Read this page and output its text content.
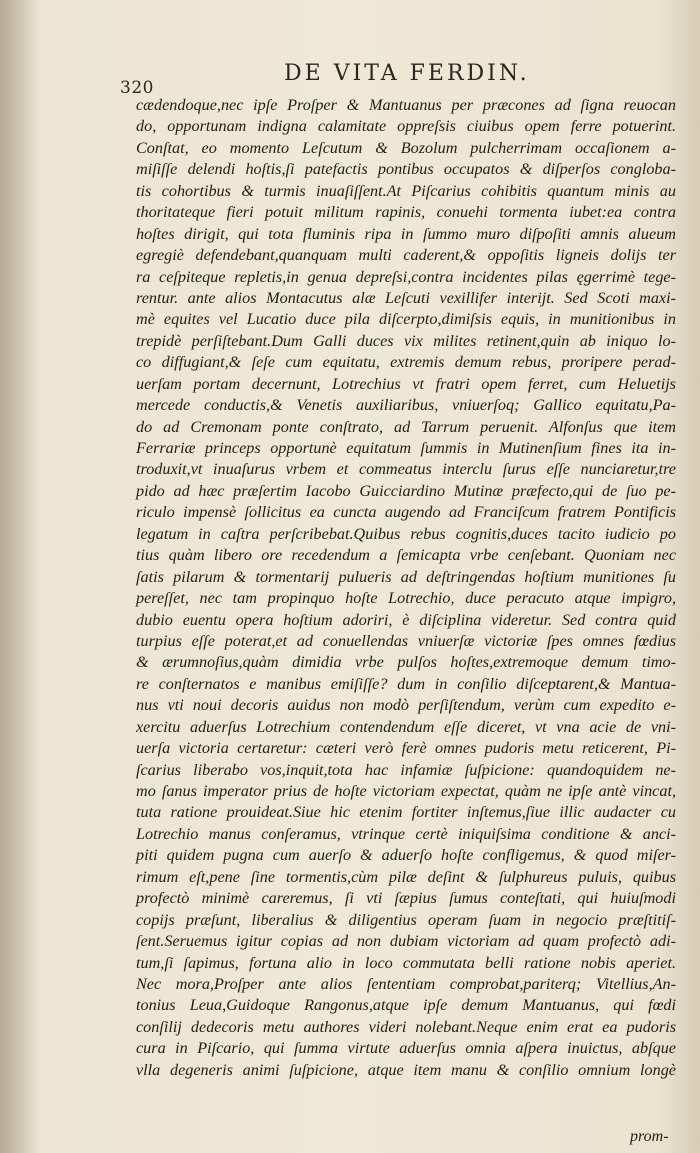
320
DE VITA FERDIN.
cædendoque,nec ipſe Proſper & Mantuanus per præcones ad ſigna reuocan
do, opportunam indigna calamitate oppreſsis ciuibus opem ferre potuerint.
Conſtat, eo momento Leſcutum & Bozolum pulcherrimam occaſionem a-
miſiſſe delendi hoſtis,ſi patefactis pontibus occupatos & diſperſos congloba-
tis cohortibus & turmis inuaſiſſent.At Piſcarius cohibitis quantum minis au
thoritateque fieri potuit militum rapinis, conuehi tormenta iubet:ea contra
hoſtes dirigit, qui tota fluminis ripa in ſummo muro diſpoſiti amnis alueum
egregiè defendebant,quanquam multi caderent,& oppoſitis ligneis dolijs ter
ra ceſpiteque repletis,in genua depreſsi,contra incidentes pilas ęgerrimè tege-
rentur. ante alios Montacutus alæ Leſcuti vexillifer interijt. Sed Scoti maxi-
mè equites vel Lucatio duce pila diſcerpto,dimiſsis equis, in munitionibus in
trepidè perſiſtebant.Dum Galli duces vix milites retinent,quin ab iniquo lo-
co diffugiant,& ſeſe cum equitatu, extremis demum rebus, proripere perad-
uerſam portam decernunt, Lotrechius vt fratri opem ferret, cum Heluetijs
mercede conductis,& Venetis auxiliaribus, vniuerſoq; Gallico equitatu,Pa-
do ad Cremonam ponte conſtrato, ad Tarrum peruenit. Alfonſus que item
Ferrariæ princeps opportunè equitatum ſummis in Mutinenſium fines ita in-
troduxit,vt inuaſurus vrbem et commeatus interclu ſurus eſſe nunciaretur,tre
pido ad hæc præſertim Iacobo Guicciardino Mutinæ præfecto,qui de ſuo pe-
riculo impensè ſollicitus ea cuncta augendo ad Franciſcum fratrem Pontificis
legatum in caſtra perſcribebat.Quibus rebus cognitis,duces tacito iudicio po
tius quàm libero ore recedendum a ſemicapta vrbe cenſebant. Quoniam nec
ſatis pilarum & tormentarij pulueris ad deſtringendas hoſtium munitiones ſu
pereſſet, nec tam propinquo hoſte Lotrechio, duce peracuto atque impigro,
dubio euentu opera hoſtium adoriri, è diſciplina videretur. Sed contra quid
turpius eſſe poterat,et ad conuellendas vniuerſæ victoriæ ſpes omnes fœdius
& ærumnoſius,quàm dimidia vrbe pulſos hoſtes,extremoque demum timo-
re conſternatos e manibus emiſiſſe? dum in conſilio diſceptarent,& Mantua-
nus vti noui decoris auidus non modò perſiſtendum, verùm cum expedito e-
xercitu aduerſus Lotrechium contendendum eſſe diceret, vt vna acie de vni-
uerſa victoria certaretur: cæteri verò ferè omnes pudoris metu reticerent, Pi-
ſcarius liberabo vos,inquit,tota hac infamiæ ſuſpicione: quandoquidem ne-
mo ſanus imperator prius de hoſte victoriam expectat, quàm ne ipſe antè vincat,
tuta ratione prouideat.Siue hic etenim fortiter inſtemus,ſiue illic audacter cu
Lotrechio manus conſeramus, vtrinque certè iniquiſsima conditione & anci-
piti quidem pugna cum auerſo & aduerſo hoſte confligemus, & quod miſer-
rimum eſt,pene ſine tormentis,cùm pilæ deſint & ſulphureus puluis, quibus
profectò minimè careremus, ſi vti ſæpius ſumus conteſtati, qui huiuſmodi
copijs præſunt, liberalius & diligentius operam ſuam in negocio præſtitiſ-
ſent.Seruemus igitur copias ad non dubiam victoriam ad quam profectò adi-
tum,ſi ſapimus, fortuna alio in loco commutata belli ratione nobis aperiet.
Nec mora,Proſper ante alios ſententiam comprobat,pariterq; Vitellius,An-
tonius Leua,Guidoque Rangonus,atque ipſe demum Mantuanus, qui fœdi
conſilij dedecoris metu authores videri nolebant.Neque enim erat ea pudoris
cura in Piſcario, qui ſumma virtute aduerſus omnia aſpera inuictus, abſque
vlla degeneris animi ſuſpicione, atque item manu & conſilio omnium longè
prom-
